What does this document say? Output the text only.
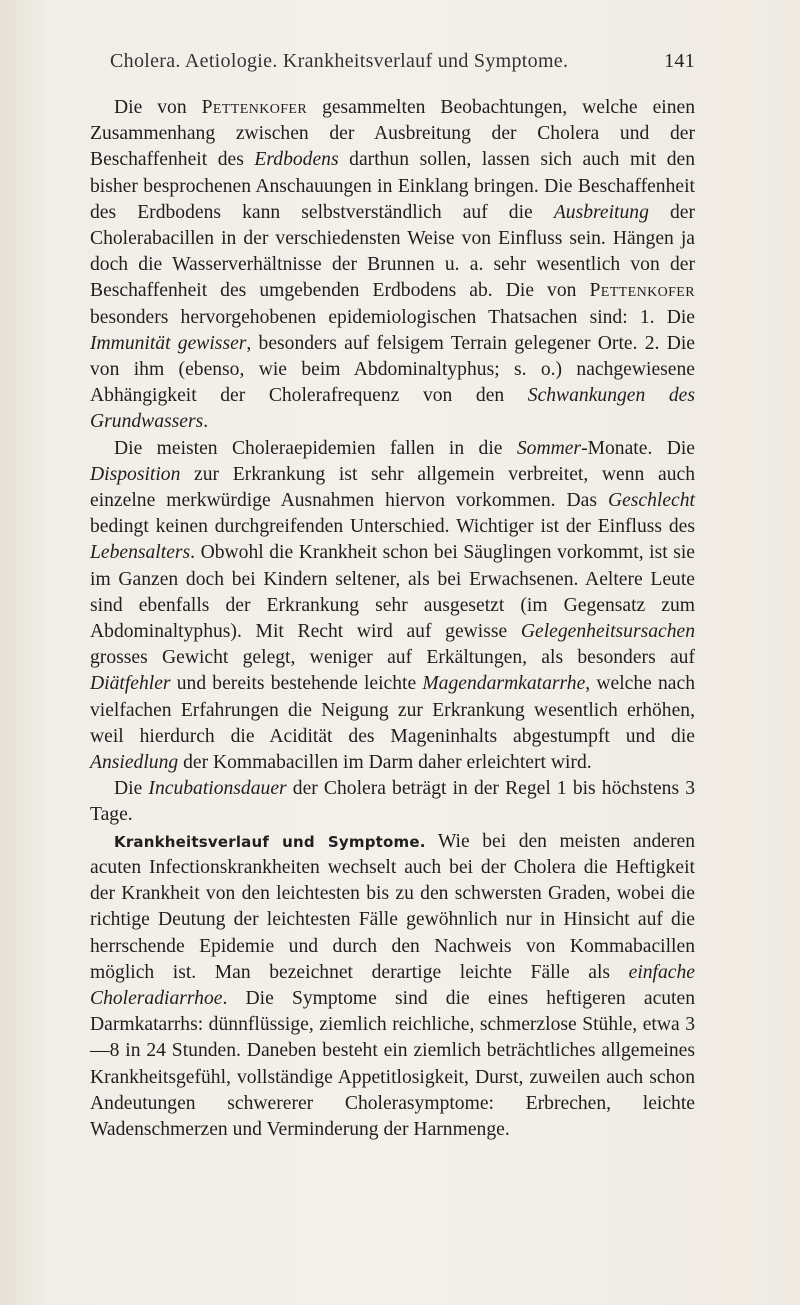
Cholera. Aetiologie. Krankheitsverlauf und Symptome.	141

Die von Pettenkofer gesammelten Beobachtungen, welche einen Zusammenhang zwischen der Ausbreitung der Cholera und der Beschaffenheit des Erdbodens darthun sollen, lassen sich auch mit den bisher besprochenen Anschauungen in Einklang bringen. Die Beschaffenheit des Erdbodens kann selbstverständlich auf die Ausbreitung der Cholerabacillen in der verschiedensten Weise von Einfluss sein. Hängen ja doch die Wasserverhältnisse der Brunnen u. a. sehr wesentlich von der Beschaffenheit des umgebenden Erdbodens ab. Die von Pettenkofer besonders hervorgehobenen epidemiologischen Thatsachen sind: 1. Die Immunität gewisser, besonders auf felsigem Terrain gelegener Orte. 2. Die von ihm (ebenso, wie beim Abdominaltyphus; s. o.) nachgewiesene Abhängigkeit der Cholerafrequenz von den Schwankungen des Grundwassers.

Die meisten Choleraepidemien fallen in die Sommer-Monate. Die Disposition zur Erkrankung ist sehr allgemein verbreitet, wenn auch einzelne merkwürdige Ausnahmen hiervon vorkommen. Das Geschlecht bedingt keinen durchgreifenden Unterschied. Wichtiger ist der Einfluss des Lebensalters. Obwohl die Krankheit schon bei Säuglingen vorkommt, ist sie im Ganzen doch bei Kindern seltener, als bei Erwachsenen. Aeltere Leute sind ebenfalls der Erkrankung sehr ausgesetzt (im Gegensatz zum Abdominaltyphus). Mit Recht wird auf gewisse Gelegenheitsursachen grosses Gewicht gelegt, weniger auf Erkältungen, als besonders auf Diätfehler und bereits bestehende leichte Magendarmkatarrhe, welche nach vielfachen Erfahrungen die Neigung zur Erkrankung wesentlich erhöhen, weil hierdurch die Acidität des Mageninhalts abgestumpft und die Ansiedlung der Kommabacillen im Darm daher erleichtert wird.

Die Incubationsdauer der Cholera beträgt in der Regel 1 bis höchstens 3 Tage.

Krankheitsverlauf und Symptome. Wie bei den meisten anderen acuten Infectionskrankheiten wechselt auch bei der Cholera die Heftigkeit der Krankheit von den leichtesten bis zu den schwersten Graden, wobei die richtige Deutung der leichtesten Fälle gewöhnlich nur in Hinsicht auf die herrschende Epidemie und durch den Nachweis von Kommabacillen möglich ist. Man bezeichnet derartige leichte Fälle als einfache Choleradiarrhoe. Die Symptome sind die eines heftigeren acuten Darmkatarrhs: dünnflüssige, ziemlich reichliche, schmerzlose Stühle, etwa 3—8 in 24 Stunden. Daneben besteht ein ziemlich beträchtliches allgemeines Krankheitsgefühl, vollständige Appetitlosigkeit, Durst, zuweilen auch schon Andeutungen schwererer Cholerasymptome: Erbrechen, leichte Wadenschmerzen und Verminderung der Harnmenge.
